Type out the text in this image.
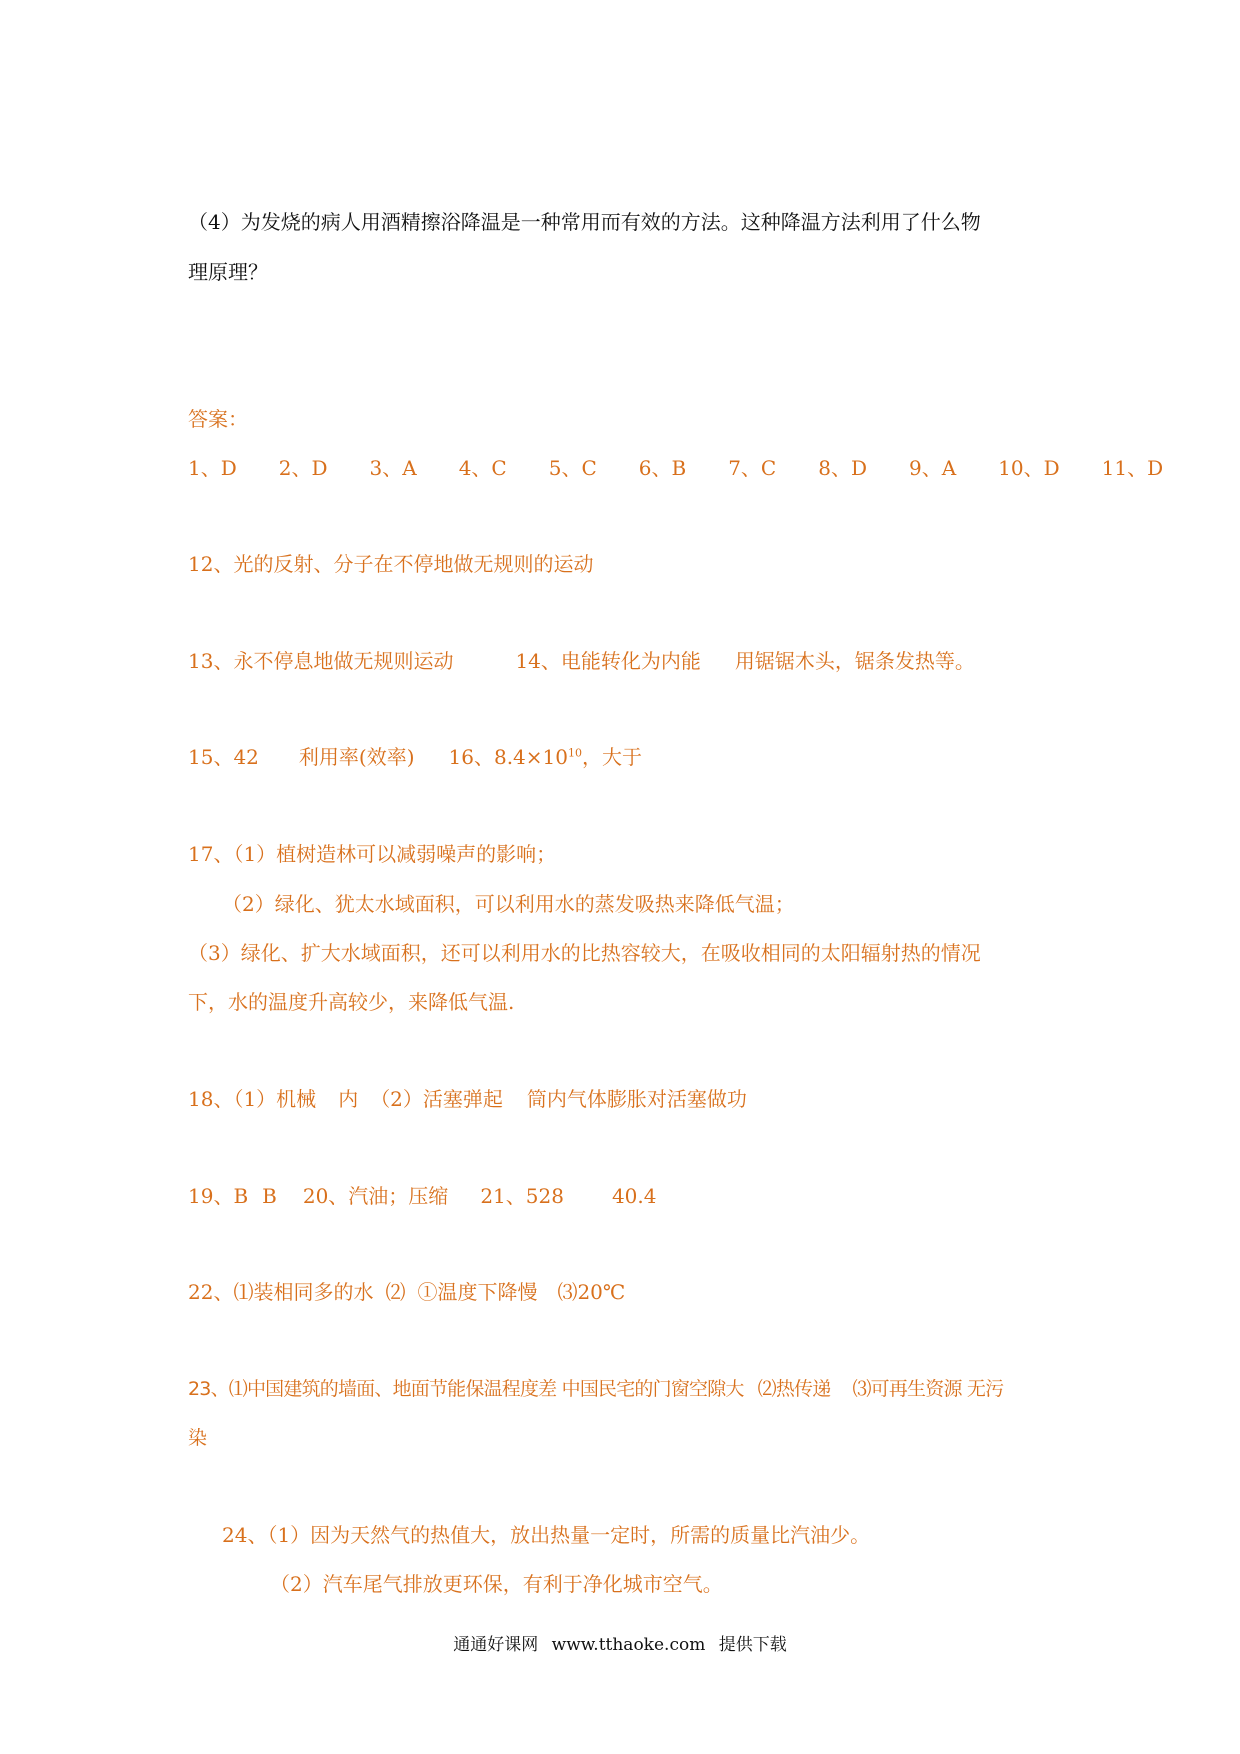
（4）为发烧的病人用酒精擦浴降温是一种常用而有效的方法。这种降温方法利用了什么物
理原理？
答案：
1、D 2、D 3、A 4、C 5、C 6、B 7、C 8、D 9、A 10、D 11、D
12、光的反射、分子在不停地做无规则的运动
13、永不停息地做无规则运动	14、电能转化为内能 用锯锯木头，锯条发热等。
15、42 利用率(效率) 16、$8.4\times 10^{10}$，大于
17、（1）植树造林可以减弱噪声的影响；
（2）绿化、犹太水域面积，可以利用水的蒸发吸热来降低气温；
（3）绿化、扩大水域面积，还可以利用水的比热容较大，在吸收相同的太阳辐射热的情况
下，水的温度升高较少，来降低气温.
18、（1）机械 内 （2）活塞弹起 筒内气体膨胀对活塞做功
19、B B 20、汽油；压缩 21、528 40.4
22、⑴装相同多的水 ⑵ ①温度下降慢 ⑶20℃
23、⑴中国建筑的墙面、地面节能保温程度差 中国民宅的门窗空隙大 ⑵热传递 ⑶可再生资源 无污
染
24、（1）因为天然气的热值大，放出热量一定时，所需的质量比汽油少。
（2）汽车尾气排放更环保，有利于净化城市空气。
通通好课网 www.tthaoke.com 提供下载
